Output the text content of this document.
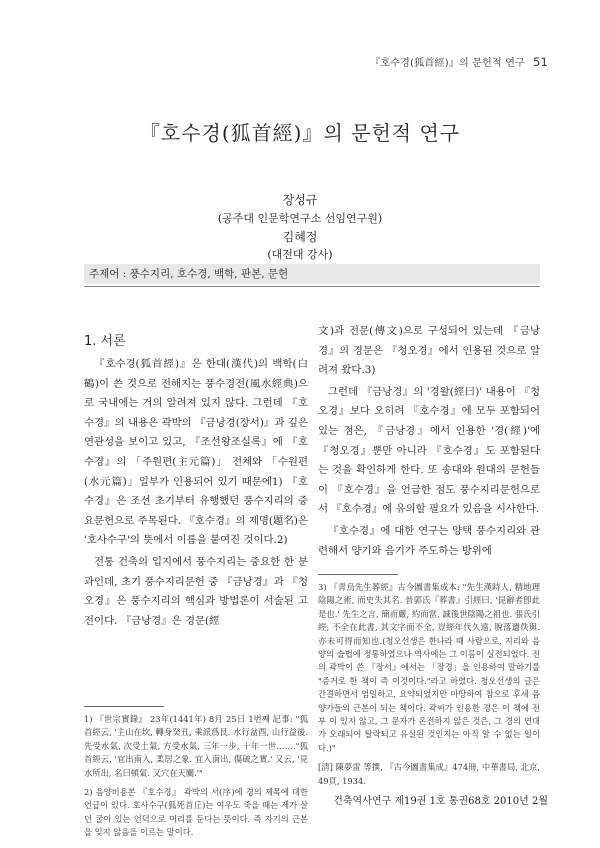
『호수경(狐首經)』의 문헌적 연구 51
『호수경(狐首經)』의 문헌적 연구
장성규
(공주대 인문학연구소 선임연구원)
김혜정
(대전대 강사)
주제어 : 풍수지리, 호수경, 백학, 판본, 문헌
1. 서론

『호수경(狐首經)』은 한대(漢代)의 백학(白鶴)이 쓴 것으로 전해지는 풍수경전(風水經典)으로 국내에는 거의 알려져 있지 않다. 그런데 『호수경』의 내용은 곽박의 『금낭경(장서)』과 깊은 연관성을 보이고 있고, 『조선왕조실록』에 『호수경』의 「주원편(主元篇)」 전체와 「수원편(水元篇)」일부가 인용되어 있기 때문에1) 『호수경』은 조선 초기부터 유행했던 풍수지리의 중요문헌으로 주목된다. 『호수경』의 제명(題名)은 '호사수구'의 뜻에서 이름을 붙여진 것이다.2)

전통 건축의 입지에서 풍수지리는 중요한 한 분과인데, 초기 풍수지리문헌 중 『금낭경』과 『청오경』은 풍수지리의 핵심과 방법론이 서술된 고전이다. 『금낭경』은 경문(經

1) 『世宗實錄』 23年(1441年) 8月 25日 1번째 記事: "狐首經云, '主山在坎, 轉身癸丑, 乘派爲艮. 水行盆酉, 山行益後. 先受水氣, 次受土氣, 方受水氣, 三年一步, 十年一世.……"狐首經云, '宜出南入, 柔居之象. 宜入南出, 傷破之實.' 又云, '見水所出, 名曰頓氣. 又穴在天關.'"

2) 음양비용본 『호수경』 곽박의 서(序)에 경의 제목에 대한 언급이 있다. 호사수구(狐死首丘)는 여우도 죽을 때는 제가 살던 굴이 있는 언덕으로 머리를 둔다는 뜻이다. 즉 자기의 근본을 잊지 않음을 이르는 말이다.

文)과 전문(傳文)으로 구성되어 있는데 『금낭경』의 경문은 『청오경』에서 인용된 것으로 알려져 왔다.3)

그런데 『금낭경』의 '경왈(經曰)' 내용이 『청오경』보다 오히려 『호수경』에 모두 포함되어 있는 점은, 『금낭경』에서 인용한 '경(經)'에 『청오경』뿐만 아니라 『호수경』도 포함된다는 것을 확인하게 한다. 또 송대와 원대의 문헌들이 『호수경』을 언급한 점도 풍수지리문헌으로서 『호수경』에 유의할 필요가 있음을 시사한다.

『호수경』에 대한 연구는 양택 풍수지리와 관련해서 양기와 음기가 주도하는 방위에

3) 『靑烏先生葬經』古今圖書集成本: "先生漢時人, 精地理陰陽之術, 而史失其名. 晉郭氏『葬書』引經曰, '昆辭者卽此是也.' 先生之言, 簡而嚴, 約而當, 誠後世陰陽之祖也. 張氏引經, 不全在此書, 其文字面不全, 豈經年代久遠, 脫落遺佚與. 亦未可得而知也.(청오선생은 한나라 때 사람으로, 지리와 음양의 술법에 정통하였으나 역사에는 그 이름이 실전되었다. 진의 곽박이 쓴 『장서』에서는 「장경」을 인용하여 말하기를 "증거로 한 책이 즉 이것이다."라고 하였다. 청오선생의 글은 간결하면서 엄밀하고, 요약되었지만 마땅하여 참으로 후세 음양가들의 근본이 되는 책이다. 곽씨가 인용한 경은 이 책에 전부 이 있지 않고, 그 문자가 온전하지 않은 것은, 그 경의 연대가 오래되어 탈락되고 유실된 것인지는 아직 알 수 없는 일이다.)"

[淸] 陳夢雷 等撰, 『古今圖書集成』474冊, 中華書局, 北京, 49頁, 1934.

건축역사연구 제19권 1호 통권68호 2010년 2월
